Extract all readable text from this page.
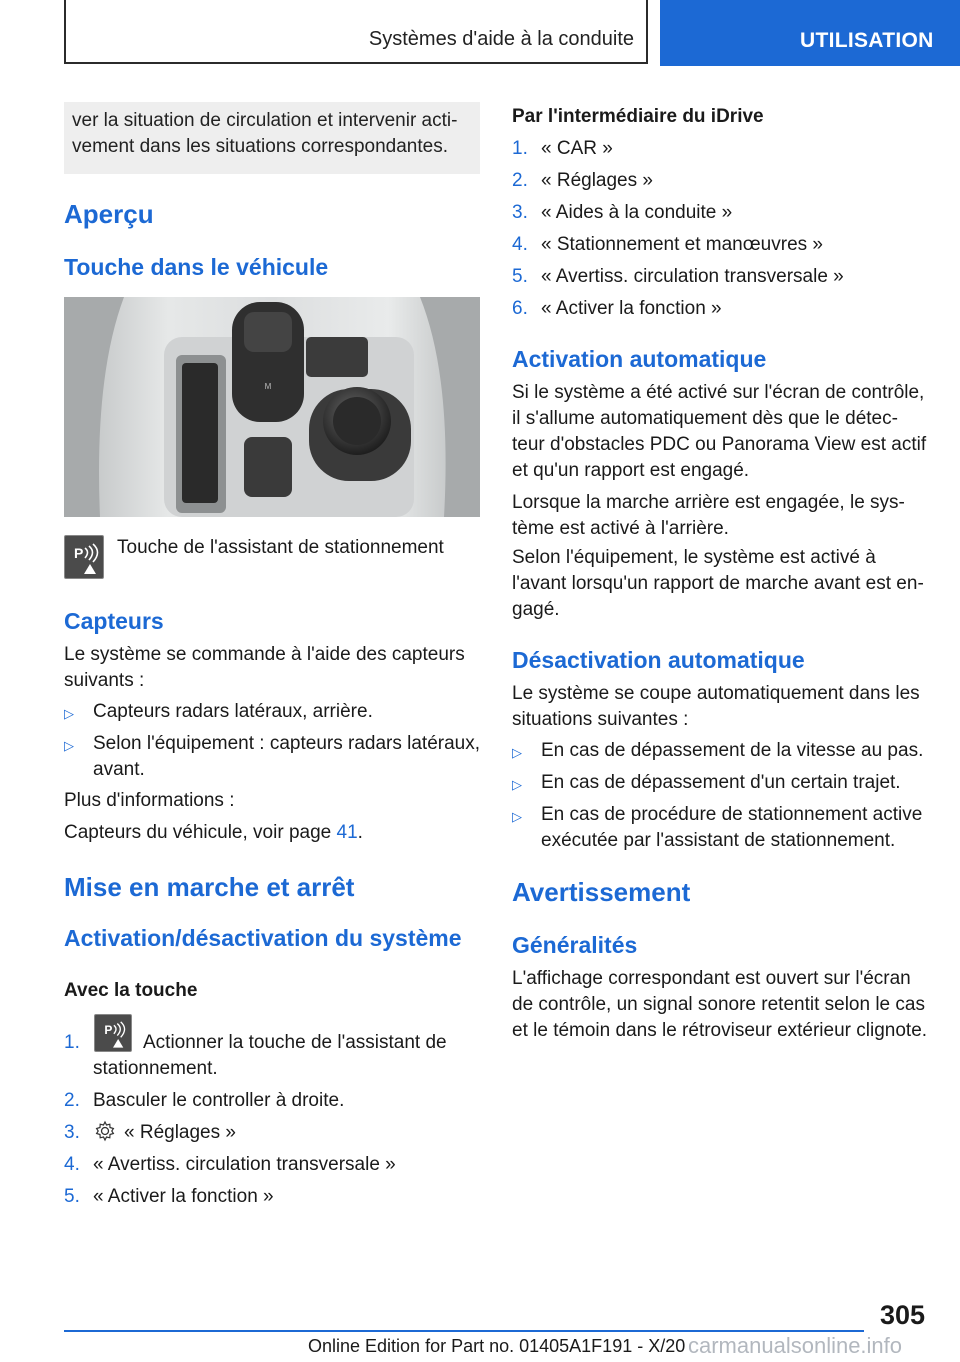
Systèmes d'aide à la conduite	UTILISATION

ver la situation de circulation et intervenir acti-vement dans les situations correspondantes.

Aperçu
Touche dans le véhicule
M
P Touche de l'assistant de stationnement

Capteurs

Le système se commande à l'aide des capteurs suivants :

▷ Capteurs radars latéraux, arrière.

▷ Selon l'équipement : capteurs radars latéraux, avant.

Plus d'informations :

Capteurs du véhicule, voir page 41.

Mise en marche et arrêt
Activation/désactivation du système
Avec la touche
1.
P

Actionner la touche de l'assistant de stationnement.

2. Basculer le controller à droite.

3. « Réglages »

4. « Avertiss. circulation transversale »

5. « Activer la fonction »

Par l'intermédiaire du iDrive
1. « CAR »

2. « Réglages »

3. « Aides à la conduite »

4. « Stationnement et manœuvres »

5. « Avertiss. circulation transversale »

6. « Activer la fonction »

Activation automatique

Si le système a été activé sur l'écran de contrôle, il s'allume automatiquement dès que le détec-teur d'obstacles PDC ou Panorama View est actif et qu'un rapport est engagé.

Lorsque la marche arrière est engagée, le sys-tème est activé à l'arrière.

Selon l'équipement, le système est activé à l'avant lorsqu'un rapport de marche avant est en-gagé.

Désactivation automatique

Le système se coupe automatiquement dans les situations suivantes :

▷ En cas de dépassement de la vitesse au pas.

▷ En cas de dépassement d'un certain trajet.

▷ En cas de procédure de stationnement active exécutée par l'assistant de stationnement.

Avertissement
Généralités

L'affichage correspondant est ouvert sur l'écran de contrôle, un signal sonore retentit selon le cas et le témoin dans le rétroviseur extérieur clignote.

305
Online Edition for Part no. 01405A1F191 - X/20 carmanualsonline.info
